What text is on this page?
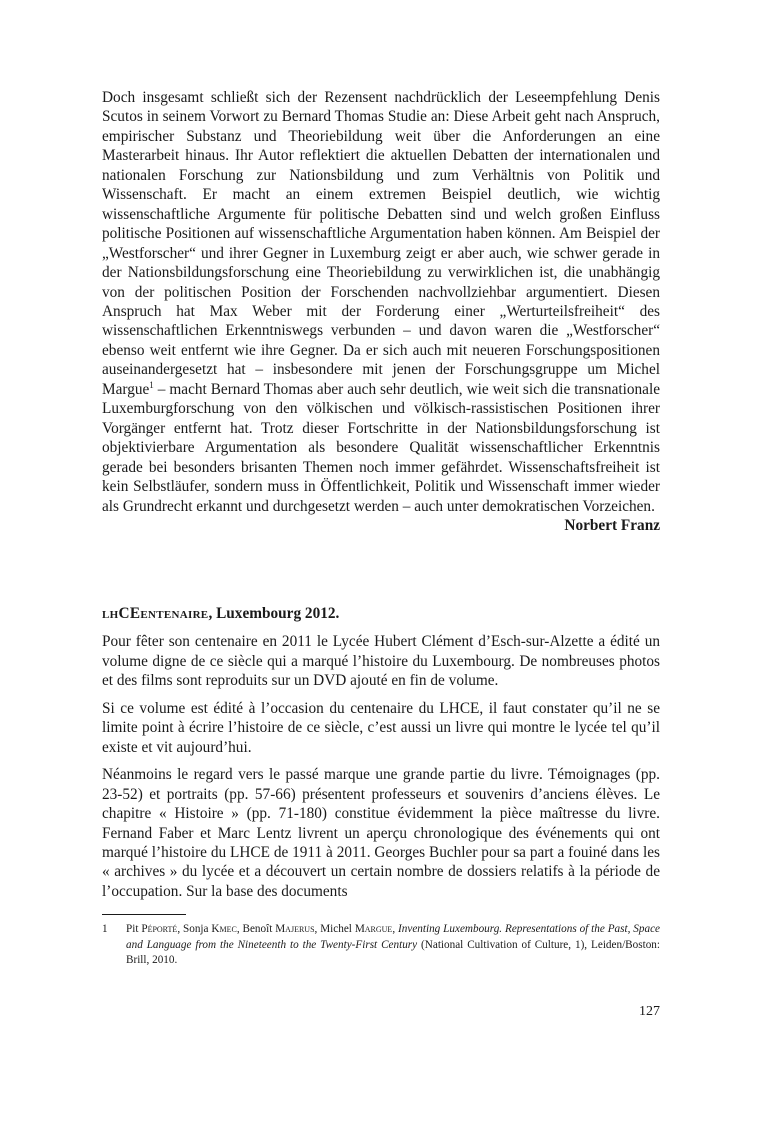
Doch insgesamt schließt sich der Rezensent nachdrücklich der Leseempfehlung Denis Scutos in seinem Vorwort zu Bernard Thomas Studie an: Diese Arbeit geht nach Anspruch, empirischer Substanz und Theoriebildung weit über die Anforderungen an eine Masterarbeit hinaus. Ihr Autor reflektiert die aktuellen Debatten der internationalen und nationalen Forschung zur Nationsbildung und zum Verhältnis von Politik und Wissenschaft. Er macht an einem extremen Beispiel deutlich, wie wichtig wissenschaftliche Argumente für politische Debatten sind und welch großen Einfluss politische Positionen auf wissenschaftliche Argumentation haben können. Am Beispiel der „Westforscher“ und ihrer Gegner in Luxemburg zeigt er aber auch, wie schwer gerade in der Nationsbildungsforschung eine Theoriebildung zu verwirklichen ist, die unabhängig von der politischen Position der Forschenden nachvollziehbar argumentiert. Diesen Anspruch hat Max Weber mit der Forderung einer „Werturteilsfreiheit“ des wissenschaftlichen Erkenntniswegs verbunden – und davon waren die „Westforscher“ ebenso weit entfernt wie ihre Gegner. Da er sich auch mit neueren Forschungspositionen auseinandergesetzt hat – insbesondere mit jenen der Forschungsgruppe um Michel Margue$^1$ – macht Bernard Thomas aber auch sehr deutlich, wie weit sich die transnationale Luxemburgforschung von den völkischen und völkisch-rassistischen Positionen ihrer Vorgänger entfernt hat. Trotz dieser Fortschritte in der Nationsbildungsforschung ist objektivierbare Argumentation als besondere Qualität wissenschaftlicher Erkenntnis gerade bei besonders brisanten Themen noch immer gefährdet. Wissenschaftsfreiheit ist kein Selbstläufer, sondern muss in Öffentlichkeit, Politik und Wissenschaft immer wieder als Grundrecht erkannt und durchgesetzt werden – auch unter demokratischen Vorzeichen.

Norbert Franz

lhCEentenaire, Luxembourg 2012.

Pour fêter son centenaire en 2011 le Lycée Hubert Clément d’Esch-sur-Alzette a édité un volume digne de ce siècle qui a marqué l’histoire du Luxembourg. De nombreuses photos et des films sont reproduits sur un DVD ajouté en fin de volume.

Si ce volume est édité à l’occasion du centenaire du LHCE, il faut constater qu’il ne se limite point à écrire l’histoire de ce siècle, c’est aussi un livre qui montre le lycée tel qu’il existe et vit aujourd’hui.

Néanmoins le regard vers le passé marque une grande partie du livre. Témoignages (pp. 23-52) et portraits (pp. 57-66) présentent professeurs et souvenirs d’anciens élèves. Le chapitre « Histoire » (pp. 71-180) constitue évidemment la pièce maîtresse du livre. Fernand Faber et Marc Lentz livrent un aperçu chronologique des événements qui ont marqué l’histoire du LHCE de 1911 à 2011. Georges Buchler pour sa part a fouiné dans les « archives » du lycée et a découvert un certain nombre de dossiers relatifs à la période de l’occupation. Sur la base des documents

1	Pit Péporté, Sonja Kmec, Benoît Majerus, Michel Margue, Inventing Luxembourg. Representations of the Past, Space and Language from the Nineteenth to the Twenty-First Century (National Cultivation of Culture, 1), Leiden/Boston: Brill, 2010.
127
